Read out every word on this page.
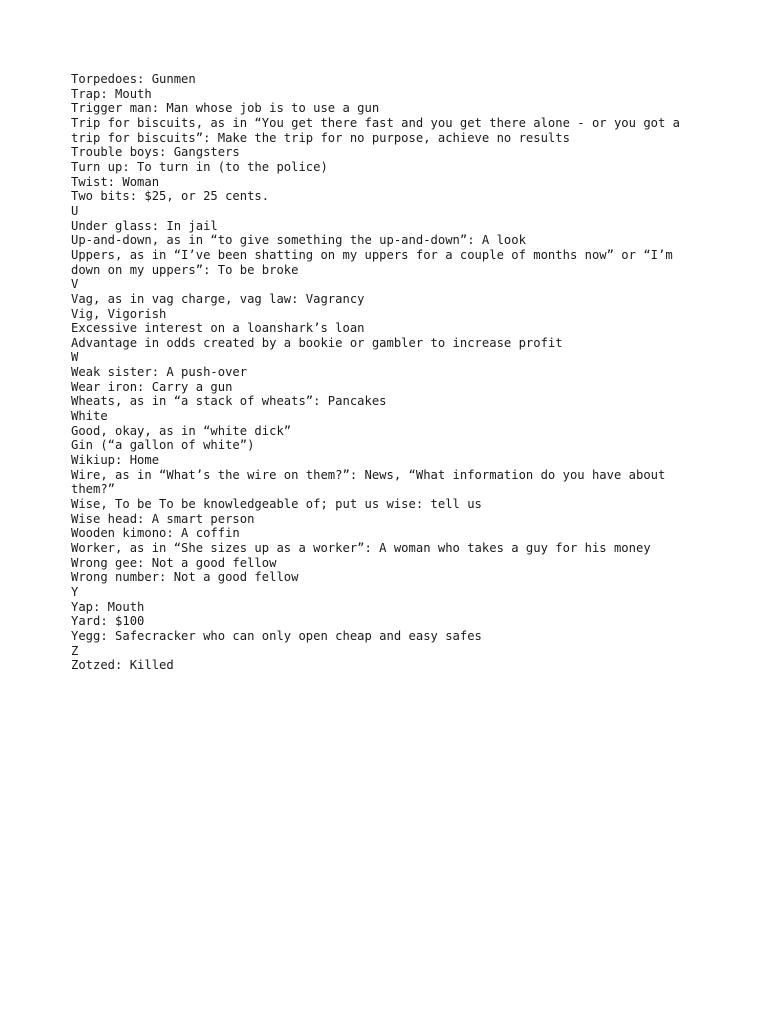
Torpedoes: Gunmen
Trap: Mouth
Trigger man: Man whose job is to use a gun
Trip for biscuits, as in “You get there fast and you get there alone - or you got a
trip for biscuits”: Make the trip for no purpose, achieve no results
Trouble boys: Gangsters
Turn up: To turn in (to the police)
Twist: Woman
Two bits: $25, or 25 cents.
U
Under glass: In jail
Up-and-down, as in “to give something the up-and-down”: A look
Uppers, as in “I’ve been shatting on my uppers for a couple of months now” or “I’m
down on my uppers”: To be broke
V
Vag, as in vag charge, vag law: Vagrancy
Vig, Vigorish
Excessive interest on a loanshark’s loan
Advantage in odds created by a bookie or gambler to increase profit
W
Weak sister: A push-over
Wear iron: Carry a gun
Wheats, as in “a stack of wheats”: Pancakes
White
Good, okay, as in “white dick”
Gin (“a gallon of white”)
Wikiup: Home
Wire, as in “What’s the wire on them?”: News, “What information do you have about
them?”
Wise, To be To be knowledgeable of; put us wise: tell us
Wise head: A smart person
Wooden kimono: A coffin
Worker, as in “She sizes up as a worker”: A woman who takes a guy for his money
Wrong gee: Not a good fellow
Wrong number: Not a good fellow
Y
Yap: Mouth
Yard: $100
Yegg: Safecracker who can only open cheap and easy safes
Z
Zotzed: Killed
